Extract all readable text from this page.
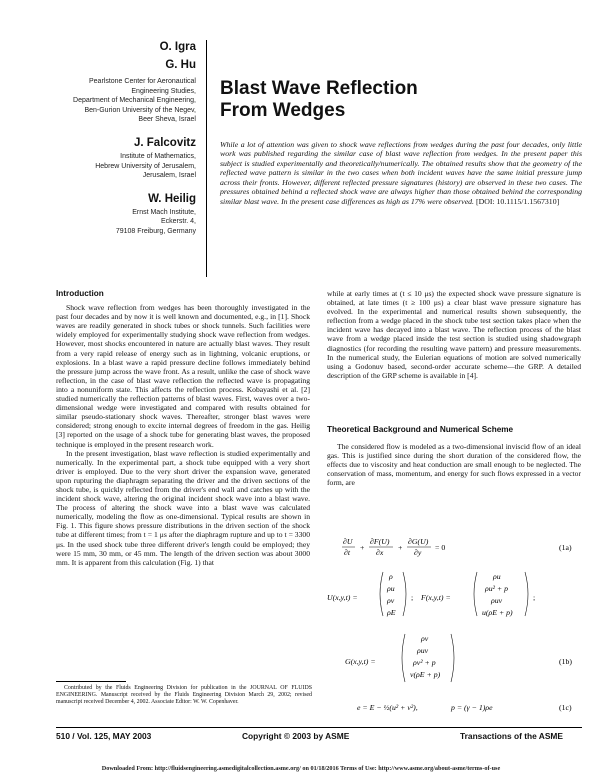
O. Igra
G. Hu
Pearlstone Center for Aeronautical
Engineering Studies,
Department of Mechanical Engineering,
Ben-Gurion University of the Negev,
Beer Sheva, Israel
J. Falcovitz
Institute of Mathematics,
Hebrew University of Jerusalem,
Jerusalem, Israel
W. Heilig
Ernst Mach Institute,
Eckerstr. 4,
79108 Freiburg, Germany
Blast Wave Reflection
From Wedges
While a lot of attention was given to shock wave reflections from wedges during the past four decades, only little work was published regarding the similar case of blast wave reflection from wedges. In the present paper this subject is studied experimentally and theoretically/numerically. The obtained results show that the geometry of the reflected wave pattern is similar in the two cases when both incident waves have the same initial pressure jump across their fronts. However, different reflected pressure signatures (history) are observed in these two cases. The pressures obtained behind a reflected shock wave are always higher than those obtained behind the corresponding similar blast wave. In the present case differences as high as 17% were observed. [DOI: 10.1115/1.1567310]
Introduction

Shock wave reflection from wedges has been thoroughly investigated in the past four decades and by now it is well known and documented, e.g., in [1]. Shock waves are readily generated in shock tubes or shock tunnels. Such facilities were widely employed for experimentally studying shock wave reflection from wedges. However, most shocks encountered in nature are actually blast waves. They result from a very rapid release of energy such as in lightning, volcanic eruptions, or explosions. In a blast wave a rapid pressure decline follows immediately behind the pressure jump across the wave front. As a result, unlike the case of shock wave reflection, in the case of blast wave reflection the reflected wave is propagating into a nonuniform state. This affects the reflection process. Kobayashi et al. [2] studied numerically the reflection patterns of blast waves. First, waves over a two-dimensional wedge were investigated and compared with results obtained for similar pseudo-stationary shock waves. Thereafter, stronger blast waves were considered; strong enough to excite internal degrees of freedom in the gas. Heilig [3] reported on the usage of a shock tube for generating blast waves, the proposed technique is employed in the present research work.

In the present investigation, blast wave reflection is studied experimentally and numerically. In the experimental part, a shock tube equipped with a very short driver is employed. Due to the very short driver the expansion wave, generated upon rupturing the diaphragm separating the driver and the driven sections of the shock tube, is quickly reflected from the driver's end wall and catches up with the incident shock wave, altering the original incident shock wave into a blast wave. The process of altering the shock wave into a blast wave was calculated numerically, modeling the flow as one-dimensional. Typical results are shown in Fig. 1. This figure shows pressure distributions in the driven section of the shock tube at different times; from t = 1 μs after the diaphragm rupture and up to t = 3300 μs. In the used shock tube three different driver's length could be employed; they were 15 mm, 30 mm, or 45 mm. The length of the driven section was about 3000 mm. It is apparent from this calculation (Fig. 1) that

while at early times at (t ≤ 10 μs) the expected shock wave pressure signature is obtained, at late times (t ≥ 100 μs) a clear blast wave pressure signature has evolved. In the experimental and numerical results shown subsequently, the reflection from a wedge placed in the shock tube test section takes place when the incident wave has decayed into a blast wave. The reflection process of the blast wave from a wedge placed inside the test section is studied using shadowgraph diagnostics (for recording the resulting wave pattern) and pressure measurements. In the numerical study, the Eulerian equations of motion are solved numerically using a Godonuv based, second-order accurate scheme—the GRP. A detailed description of the GRP scheme is available in [4].

Theoretical Background and Numerical Scheme

The considered flow is modeled as a two-dimensional inviscid flow of an ideal gas. This is justified since during the short duration of the considered flow, the effects due to viscosity and heat conduction are small enough to be neglected. The conservation of mass, momentum, and energy for such flows expressed in a vector form, are

∂U
∂t
+
∂F(U)
∂x
+
∂G(U)
∂y
= 0	(1a)
U(x,y,t) =
ρ
ρu
ρv
ρE
; F(x,y,t) =
ρu
ρu² + p
ρuv
u(ρE + p)
;
G(x,y,t) =
ρv
ρuv
ρv² + p
v(ρE + p)
(1b)
e = E − ½(u² + v²),	p = (γ − 1)ρe	(1c)

Contributed by the Fluids Engineering Division for publication in the JOURNAL OF FLUIDS ENGINEERING. Manuscript received by the Fluids Engineering Division March 29, 2002; revised manuscript received December 4, 2002. Associate Editor: W. W. Copenhaver.

510 / Vol. 125, MAY 2003	Copyright © 2003 by ASME	Transactions of the ASME
Downloaded From: http://fluidsengineering.asmedigitalcollection.asme.org/ on 01/18/2016 Terms of Use: http://www.asme.org/about-asme/terms-of-use
